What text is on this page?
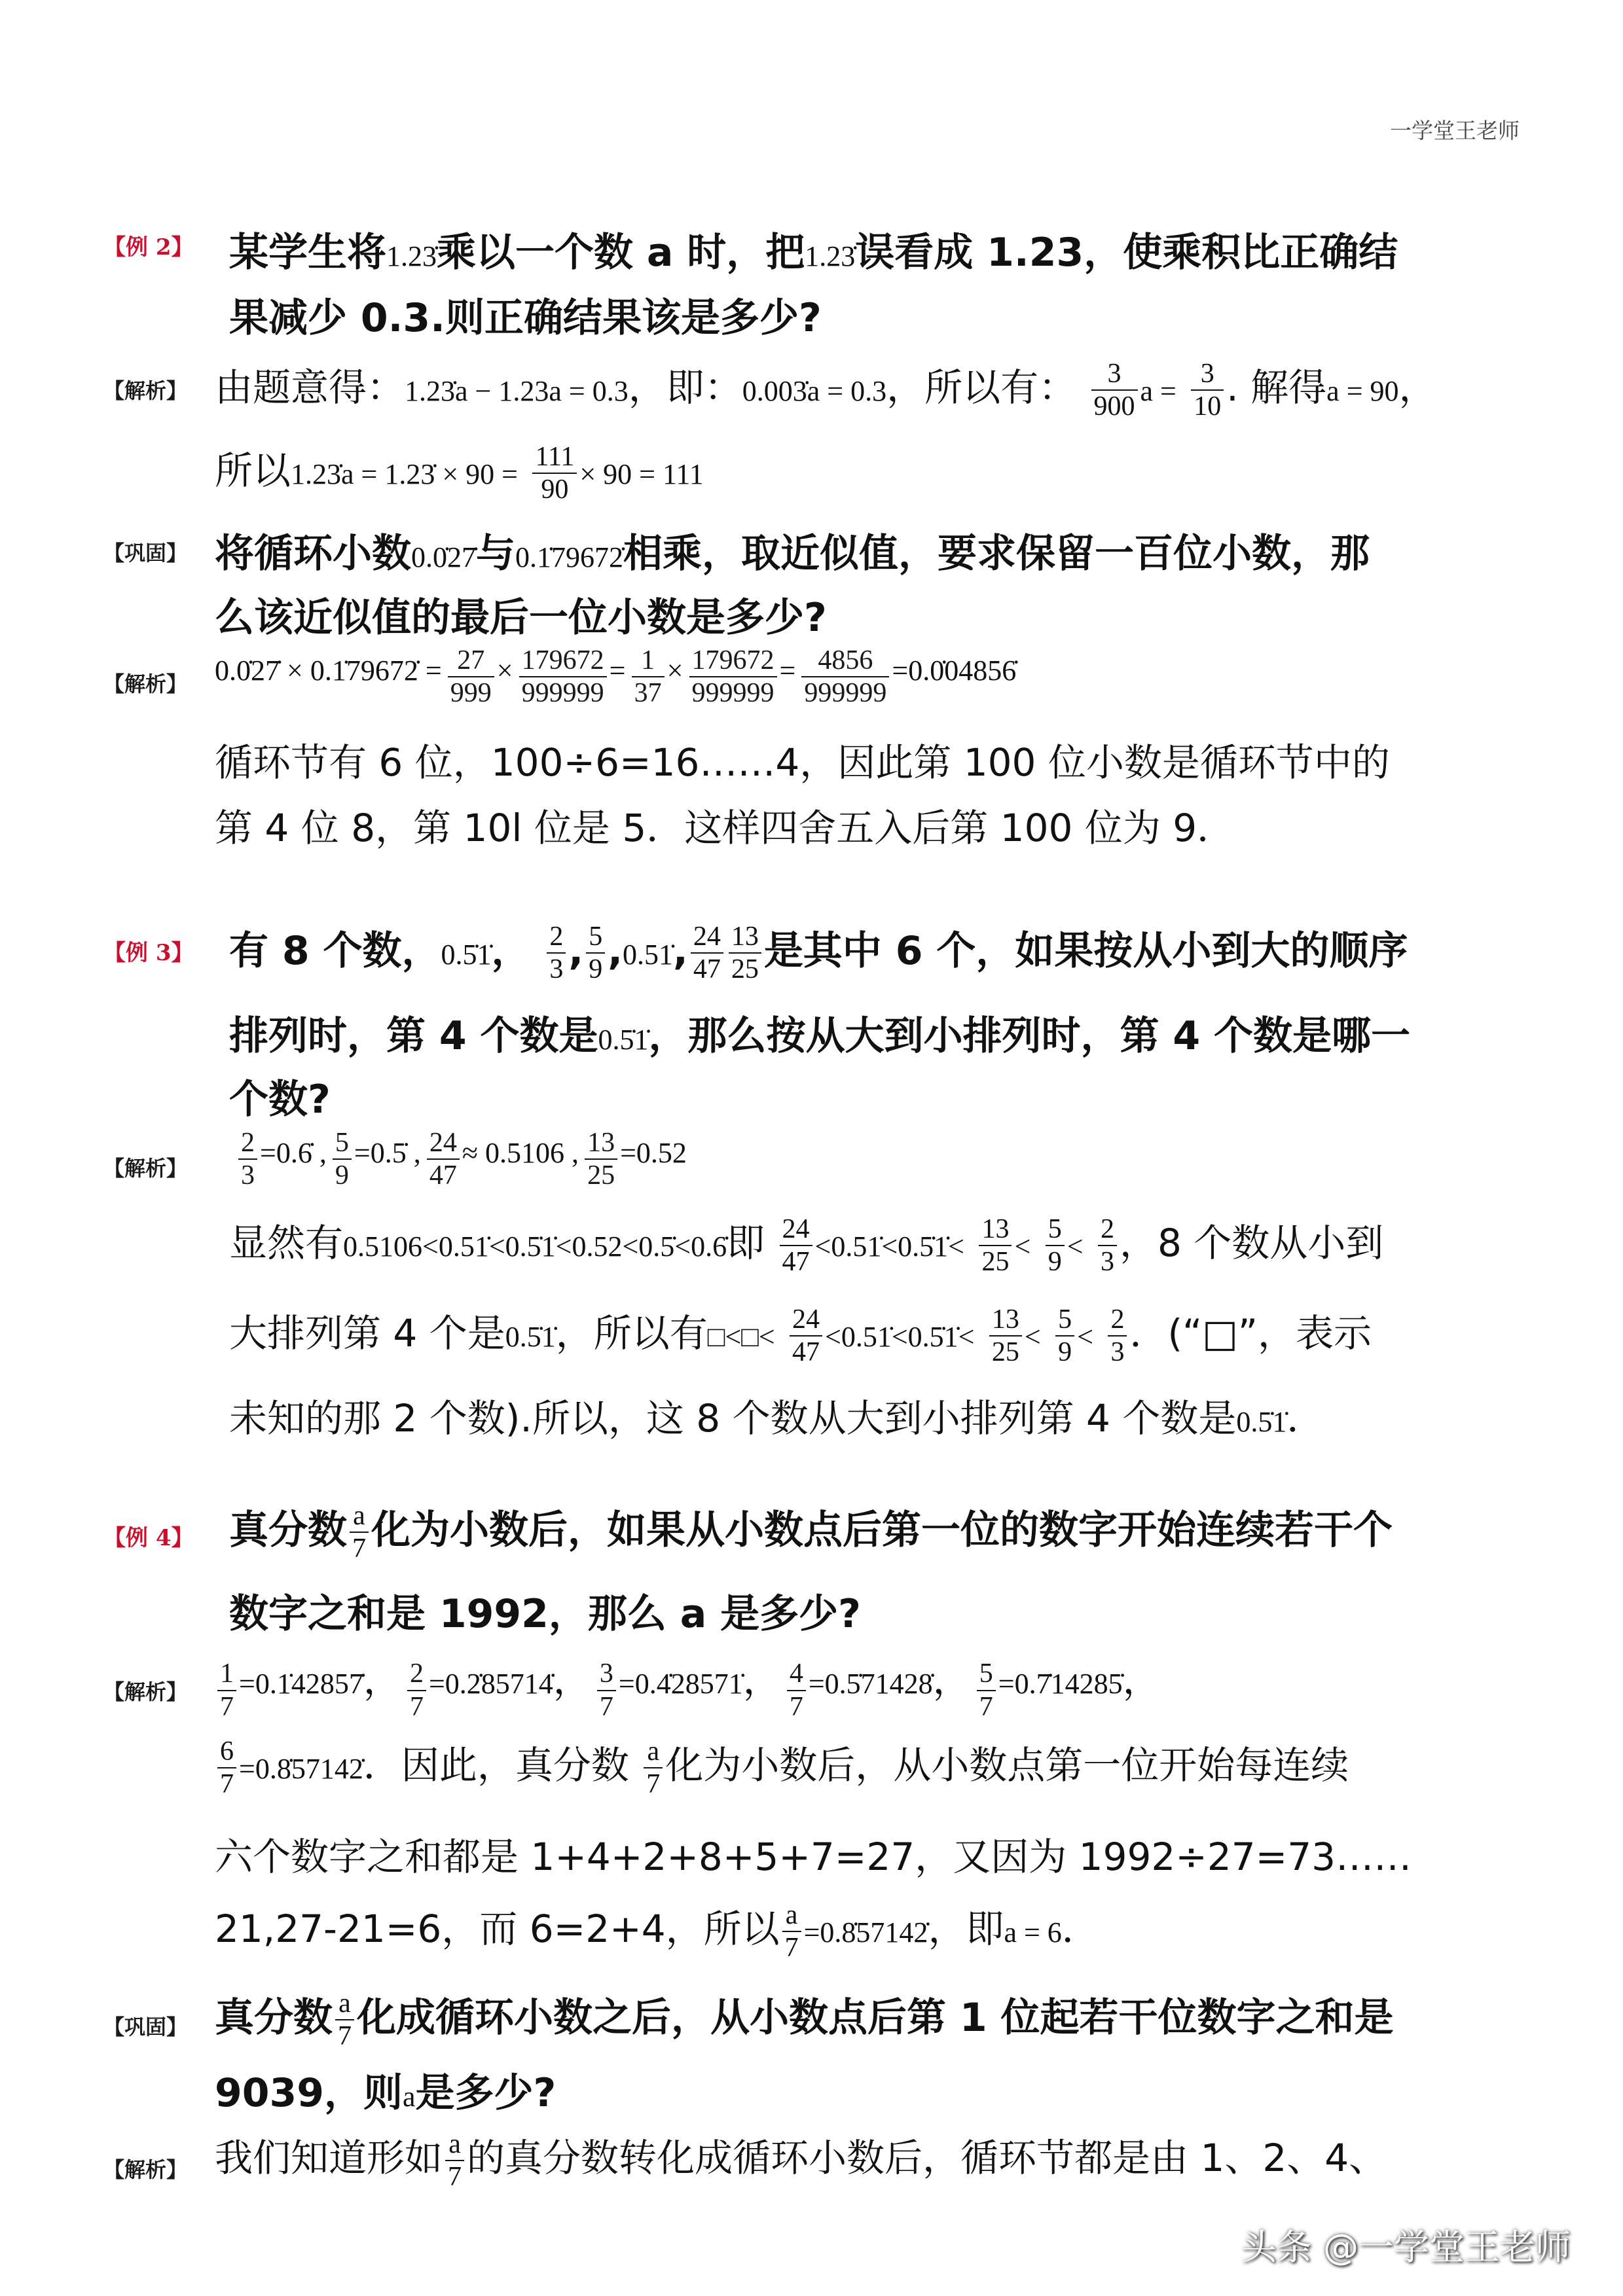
一学堂王老师
【例 2】 某学生将1.23̇乘以一个数 a 时，把1.23̇误看成 1.23，使乘积比正确结
果减少 0.3.则正确结果该是多少?
【解析】 由题意得：1.23̇a − 1.23a = 0.3，即：0.003̇a = 0.3，所以有： $\frac{3}{900}$ $a = \frac{3}{10}$ . 解得a = 90，
所以1.23̇a = 1.23̇ × $90 = \frac{111}{90} \times 90 = 111$
【巩固】 将循环小数0.0̇27̇与0.1̇79672̇相乘，取近似值，要求保留一百位小数，那
么该近似值的最后一位小数是多少?
【解析】 0.0̇27̇ × 0.1̇79672̇ = $\frac{27}{999} \times \frac{179672}{999999} = \frac{1}{37} \times \frac{179672}{999999} = \frac{4856}{999999}$ =0.0̇04856̇
循环节有 6 位，100÷6=16……4，因此第 100 位小数是循环节中的
第 4 位 8，第 10l 位是 5．这样四舍五入后第 100 位为 9．
【例 3】 有 8 个数，0.5̇1̇， $\frac{2}{3}$ , $\frac{5}{9}$ ,0.51̇, $\frac{24}{47} \frac{13}{25}$ 是其中 6 个，如果按从小到大的顺序
排列时，第 4 个数是0.5̇1̇，那么按从大到小排列时，第 4 个数是哪一
个数?
【解析】 $\frac{2}{3}$ =0.6̇ , $\frac{5}{9}$ =0.5̇ , $\frac{24}{47} \approx 0.5106$ , $\frac{13}{25} =0.52$
显然有0.5106<0.51̇<0.5̇1̇<0.52<0.5̇<0.6̇即 $\frac{24}{47}$ <0.51̇<0.5̇1̇< $\frac{13}{25} < \frac{5}{9} < \frac{2}{3}$ ，8 个数从小到
大排列第 4 个是0.5̇1̇，所以有□<□< $\frac{24}{47}$ <0.51̇<0.5̇1̇< $\frac{13}{25} < \frac{5}{9} < \frac{2}{3}$ ．(“□”，表示
未知的那 2 个数).所以，这 8 个数从大到小排列第 4 个数是0.5̇1̇．
【例 4】 真分数 $\frac{a}{7}$ 化为小数后，如果从小数点后第一位的数字开始连续若干个
数字之和是 1992，那么 a 是多少?
【解析】 $\frac{1}{7}$ =0.1̇42857̇， $\frac{2}{7}$ =0.2̇85714̇， $\frac{3}{7}$ =0.4̇28571̇， $\frac{4}{7}$ =0.5̇71428̇， $\frac{5}{7}$ =0.7̇14285̇，
$\frac{6}{7}$ =0.8̇57142̇．因此，真分数 $\frac{a}{7}$ 化为小数后，从小数点第一位开始每连续
六个数字之和都是 1+4+2+8+5+7=27，又因为 1992÷27=73……
21,27-21=6，而 6=2+4，所以 $\frac{a}{7}$ =0.8̇57142̇，即a = 6．
【巩固】 真分数 $\frac{a}{7}$ 化成循环小数之后，从小数点后第 1 位起若干位数字之和是
9039，则a是多少?
【解析】 我们知道形如 $\frac{a}{7}$ 的真分数转化成循环小数后，循环节都是由 1、2、4、
头条 @一学堂王老师
